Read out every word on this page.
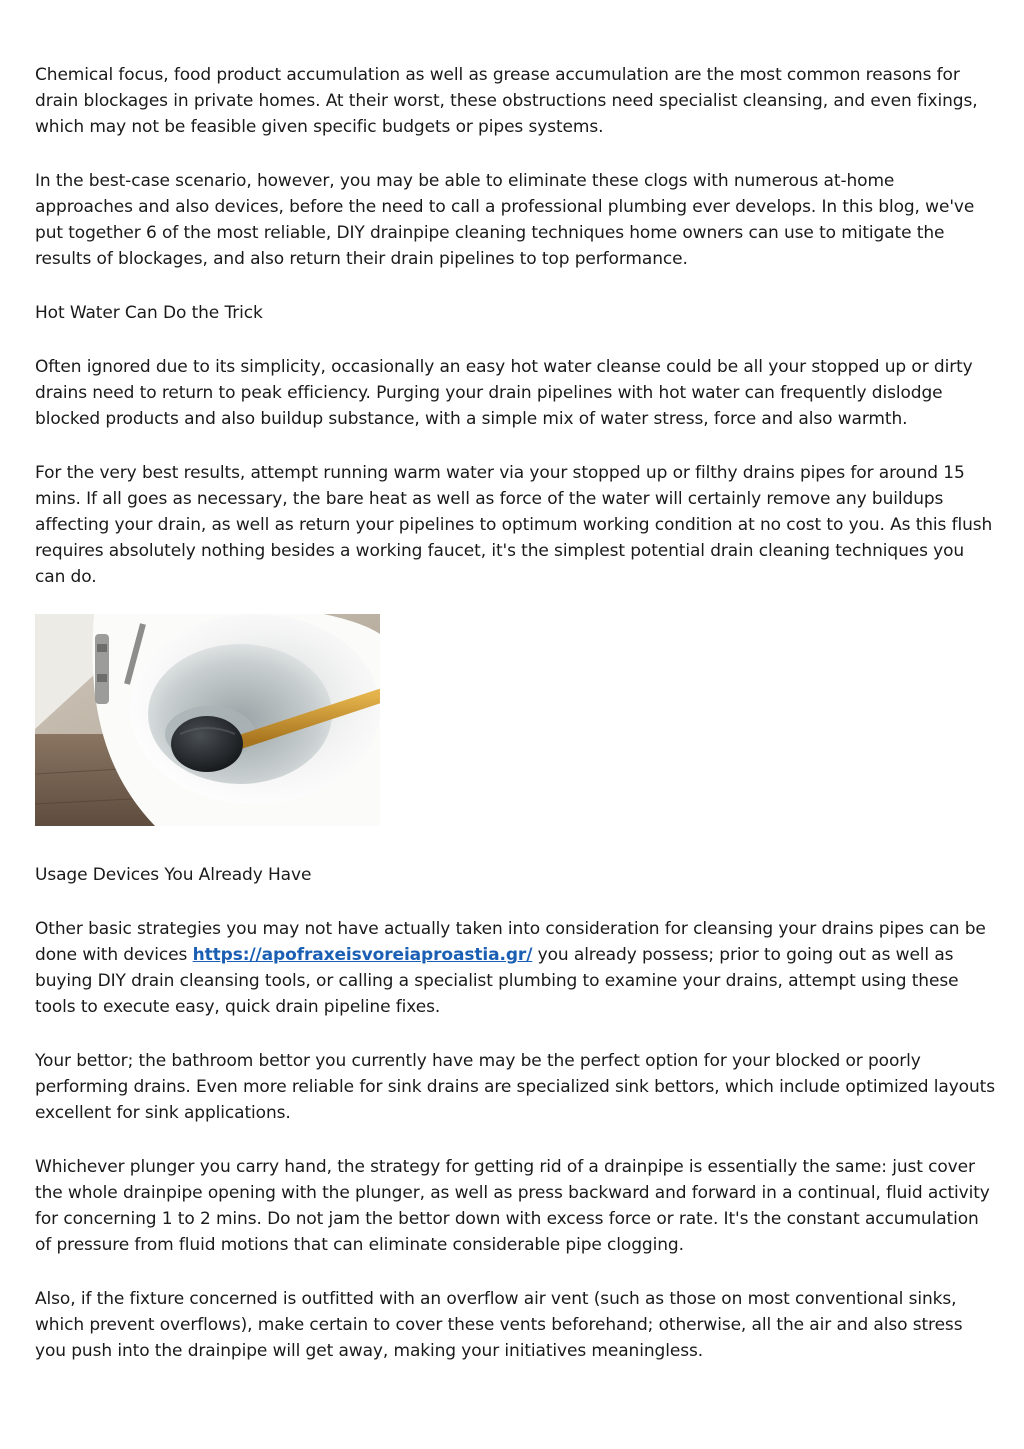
Chemical focus, food product accumulation as well as grease accumulation are the most common reasons for drain blockages in private homes. At their worst, these obstructions need specialist cleansing, and even fixings, which may not be feasible given specific budgets or pipes systems.

In the best-case scenario, however, you may be able to eliminate these clogs with numerous at-home approaches and also devices, before the need to call a professional plumbing ever develops. In this blog, we've put together 6 of the most reliable, DIY drainpipe cleaning techniques home owners can use to mitigate the results of blockages, and also return their drain pipelines to top performance.

Hot Water Can Do the Trick

Often ignored due to its simplicity, occasionally an easy hot water cleanse could be all your stopped up or dirty drains need to return to peak efficiency. Purging your drain pipelines with hot water can frequently dislodge blocked products and also buildup substance, with a simple mix of water stress, force and also warmth.

For the very best results, attempt running warm water via your stopped up or filthy drains pipes for around 15 mins. If all goes as necessary, the bare heat as well as force of the water will certainly remove any buildups affecting your drain, as well as return your pipelines to optimum working condition at no cost to you. As this flush requires absolutely nothing besides a working faucet, it's the simplest potential drain cleaning techniques you can do.

Usage Devices You Already Have

Other basic strategies you may not have actually taken into consideration for cleansing your drains pipes can be done with devices https://apofraxeisvoreiaproastia.gr/ you already possess; prior to going out as well as buying DIY drain cleansing tools, or calling a specialist plumbing to examine your drains, attempt using these tools to execute easy, quick drain pipeline fixes.

Your bettor; the bathroom bettor you currently have may be the perfect option for your blocked or poorly performing drains. Even more reliable for sink drains are specialized sink bettors, which include optimized layouts excellent for sink applications.

Whichever plunger you carry hand, the strategy for getting rid of a drainpipe is essentially the same: just cover the whole drainpipe opening with the plunger, as well as press backward and forward in a continual, fluid activity for concerning 1 to 2 mins. Do not jam the bettor down with excess force or rate. It's the constant accumulation of pressure from fluid motions that can eliminate considerable pipe clogging.

Also, if the fixture concerned is outfitted with an overflow air vent (such as those on most conventional sinks, which prevent overflows), make certain to cover these vents beforehand; otherwise, all the air and also stress you push into the drainpipe will get away, making your initiatives meaningless.
